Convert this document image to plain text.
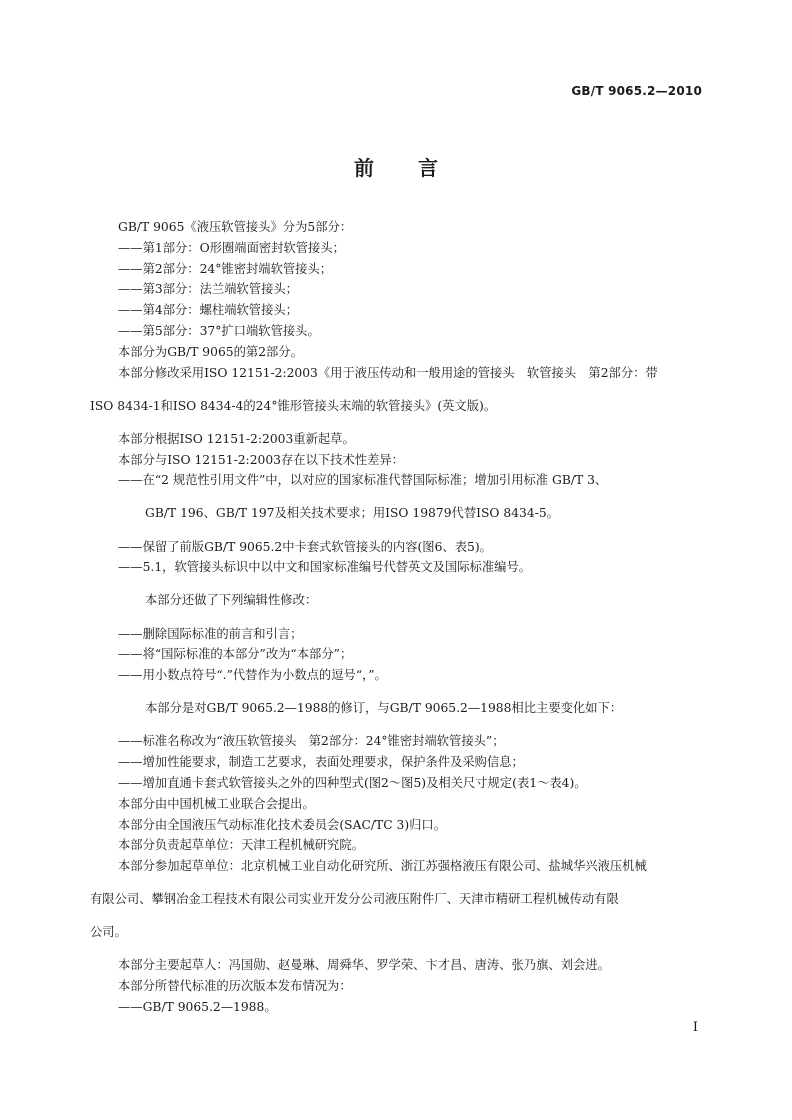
GB/T 9065.2—2010
前言

GB/T 9065《液压软管接头》分为5部分：

——第1部分：O形圈端面密封软管接头；

——第2部分：24°锥密封端软管接头；

——第3部分：法兰端软管接头；

——第4部分：螺柱端软管接头；

——第5部分：37°扩口端软管接头。

本部分为GB/T 9065的第2部分。

本部分修改采用ISO 12151-2:2003《用于液压传动和一般用途的管接头　软管接头　第2部分：带

ISO 8434-1和ISO 8434-4的24°锥形管接头末端的软管接头》(英文版)。

本部分根据ISO 12151-2:2003重新起草。

本部分与ISO 12151-2:2003存在以下技术性差异：

——在“2 规范性引用文件”中，以对应的国家标准代替国际标准；增加引用标准 GB/T 3、

GB/T 196、GB/T 197及相关技术要求；用ISO 19879代替ISO 8434-5。

——保留了前版GB/T 9065.2中卡套式软管接头的内容(图6、表5)。

——5.1，软管接头标识中以中文和国家标准编号代替英文及国际标准编号。

本部分还做了下列编辑性修改：

——删除国际标准的前言和引言；

——将“国际标准的本部分”改为“本部分”；

——用小数点符号“.”代替作为小数点的逗号“，”。

本部分是对GB/T 9065.2—1988的修订，与GB/T 9065.2—1988相比主要变化如下：

——标准名称改为“液压软管接头　第2部分：24°锥密封端软管接头”；

——增加性能要求，制造工艺要求，表面处理要求，保护条件及采购信息；

——增加直通卡套式软管接头之外的四种型式(图2～图5)及相关尺寸规定(表1～表4)。

本部分由中国机械工业联合会提出。

本部分由全国液压气动标准化技术委员会(SAC/TC 3)归口。

本部分负责起草单位：天津工程机械研究院。

本部分参加起草单位：北京机械工业自动化研究所、浙江苏强格液压有限公司、盐城华兴液压机械

有限公司、攀钢冶金工程技术有限公司实业开发分公司液压附件厂、天津市精研工程机械传动有限

公司。

本部分主要起草人：冯国勋、赵曼琳、周舜华、罗学荣、卞才昌、唐涛、张乃旗、刘会进。

本部分所替代标准的历次版本发布情况为：

——GB/T 9065.2—1988。

I
